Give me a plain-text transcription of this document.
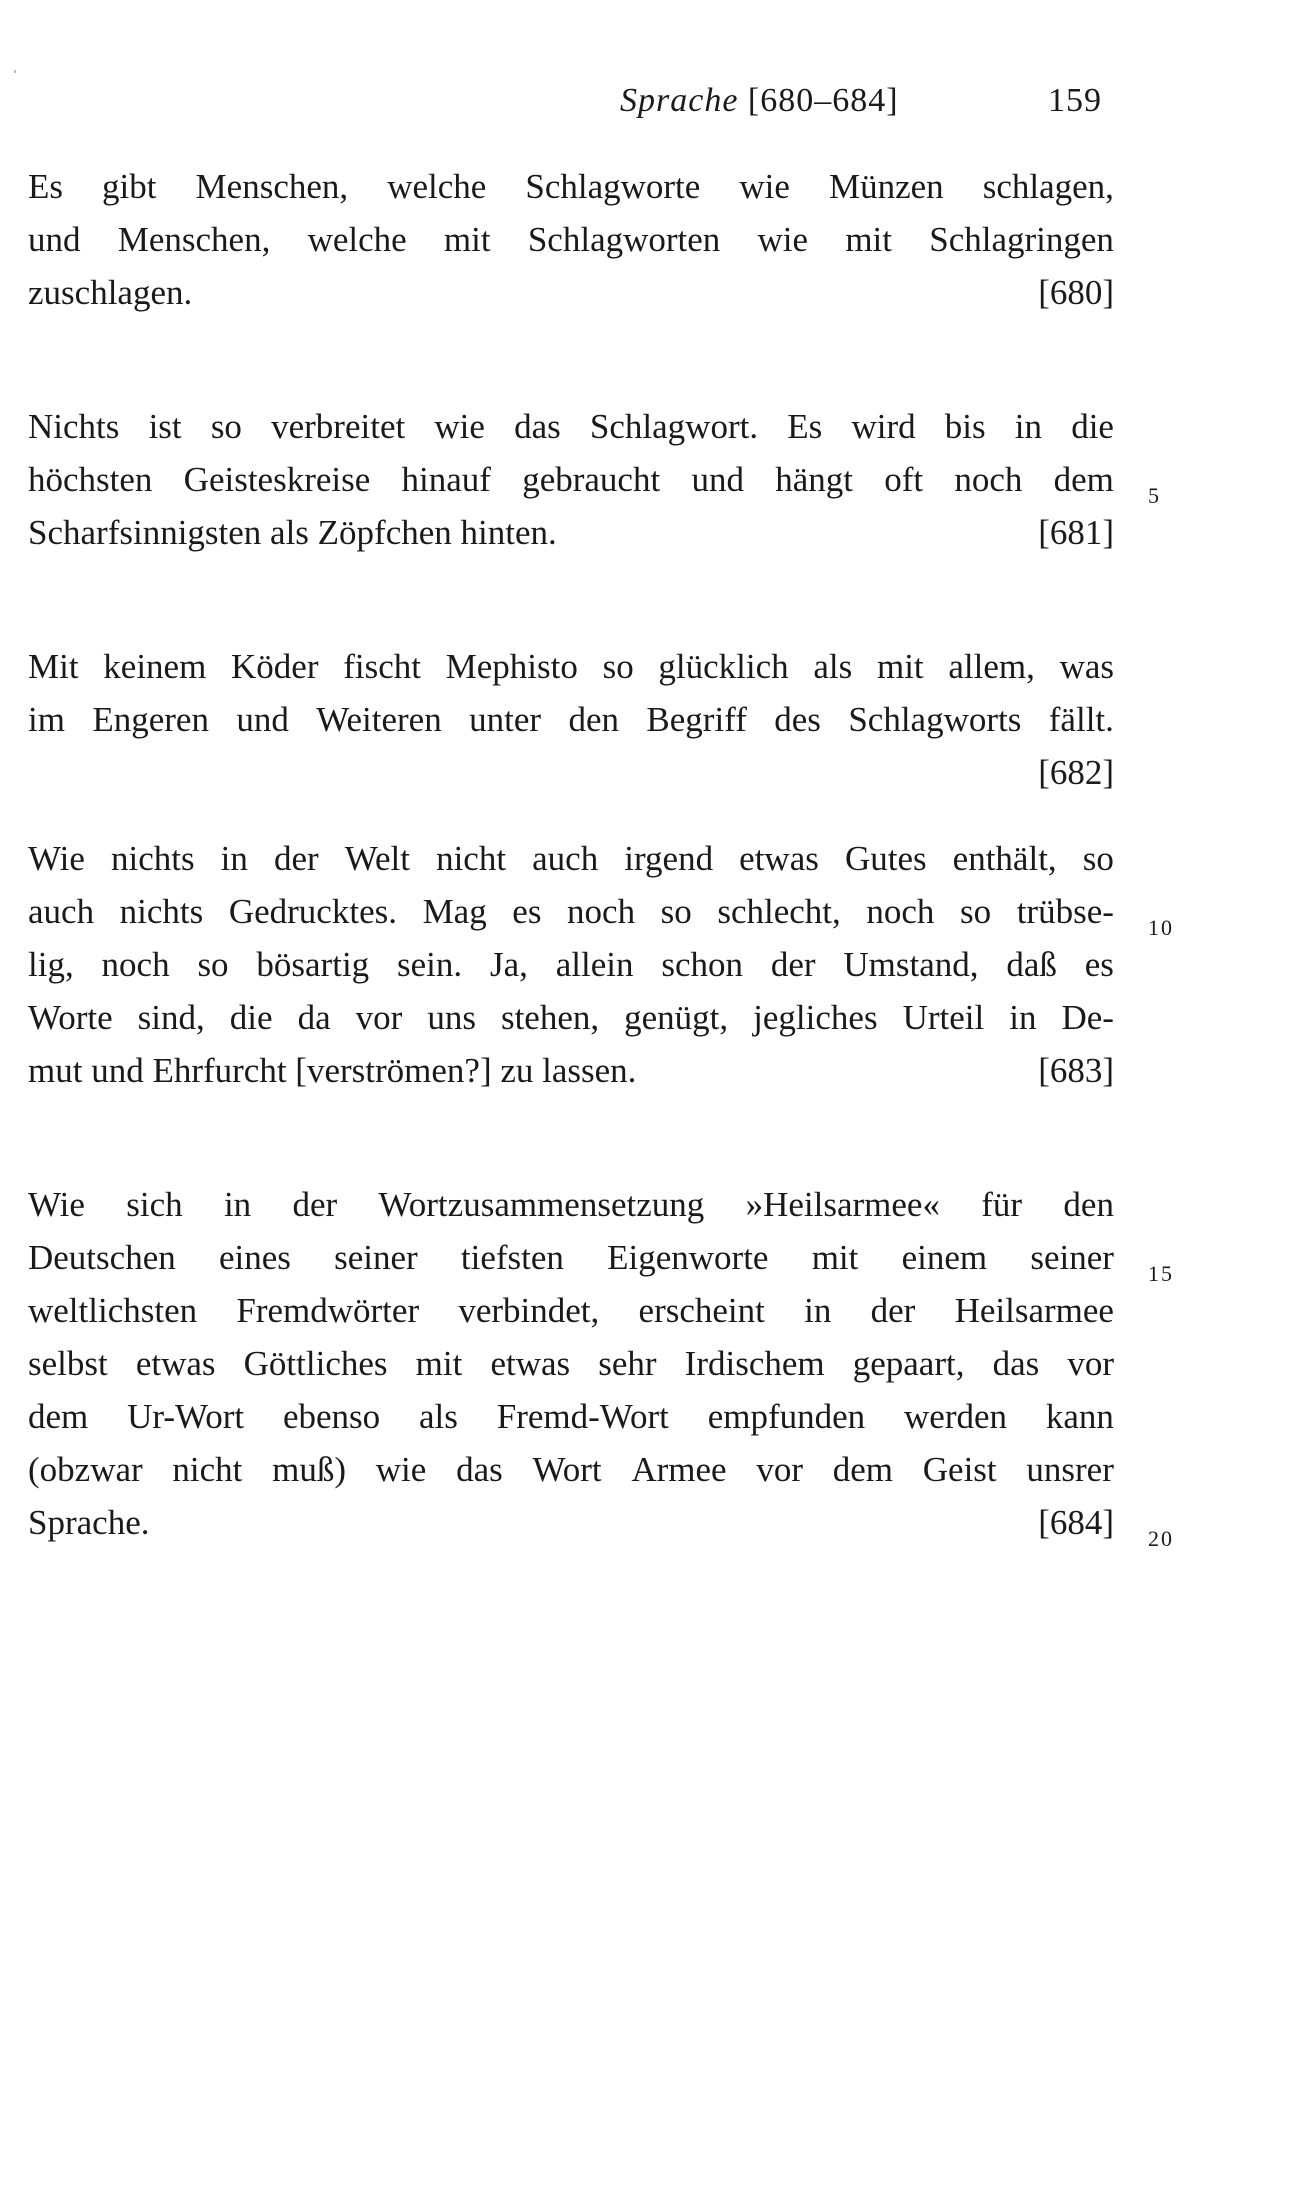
Sprache [680–684]	159
Es gibt Menschen, welche Schlagworte wie Münzen schlagen,
und Menschen, welche mit Schlagworten wie mit Schlagringen
zuschlagen.	[680]
Nichts ist so verbreitet wie das Schlagwort. Es wird bis in die
höchsten Geisteskreise hinauf gebraucht und hängt oft noch dem
Scharfsinnigsten als Zöpfchen hinten.	[681]
Mit keinem Köder fischt Mephisto so glücklich als mit allem, was
im Engeren und Weiteren unter den Begriff des Schlagworts fällt.
[682]
Wie nichts in der Welt nicht auch irgend etwas Gutes enthält, so
auch nichts Gedrucktes. Mag es noch so schlecht, noch so trübse-
lig, noch so bösartig sein. Ja, allein schon der Umstand, daß es
Worte sind, die da vor uns stehen, genügt, jegliches Urteil in De-
mut und Ehrfurcht [verströmen?] zu lassen.	[683]
Wie sich in der Wortzusammensetzung »Heilsarmee« für den
Deutschen eines seiner tiefsten Eigenworte mit einem seiner
weltlichsten Fremdwörter verbindet, erscheint in der Heilsarmee
selbst etwas Göttliches mit etwas sehr Irdischem gepaart, das vor
dem Ur-Wort ebenso als Fremd-Wort empfunden werden kann
(obzwar nicht muß) wie das Wort Armee vor dem Geist unsrer
Sprache.	[684]
5
10
15
20
